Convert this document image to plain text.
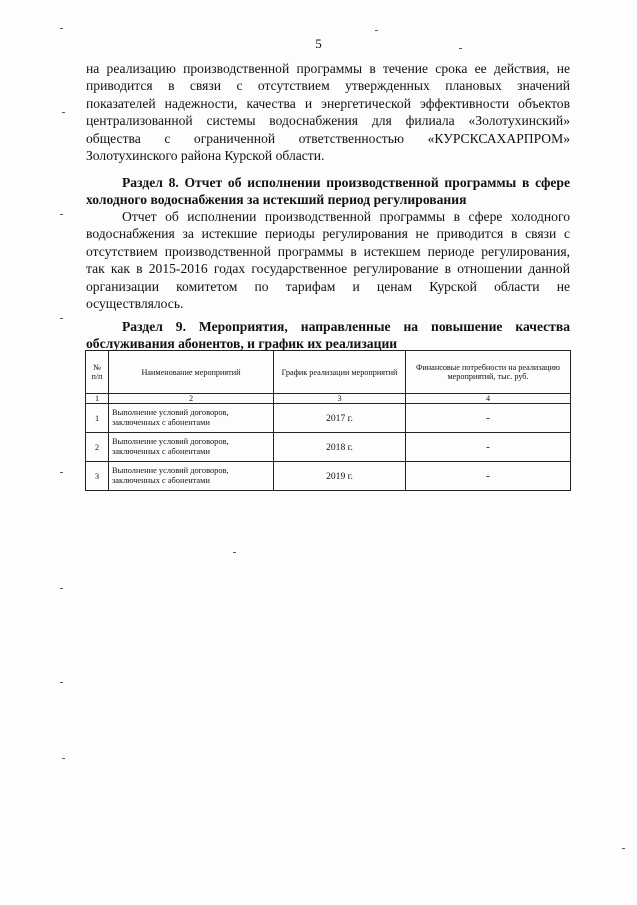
5
на реализацию производственной программы в течение срока ее действия, не
приводится в связи с отсутствием утвержденных плановых значений
показателей надежности, качества и энергетической эффективности объектов
централизованной системы водоснабжения для филиала «Золотухинский»
общества с ограниченной ответственностью «КУРСКСАХАРПРОМ»
Золотухинского района Курской области.
Раздел 8. Отчет об исполнении производственной программы в сфере
холодного водоснабжения за истекший период регулирования
Отчет об исполнении производственной программы в сфере холодного
водоснабжения за истекшие периоды регулирования не приводится в связи с
отсутствием производственной программы в истекшем периоде регулирования,
так как в 2015-2016 годах государственное регулирование в отношении данной
организации комитетом по тарифам и ценам Курской области не
осуществлялось.
Раздел 9. Мероприятия, направленные на повышение качества
обслуживания абонентов, и график их реализации
№ п/п	Наименование мероприятий	График реализации мероприятий	Финансовые потребности на реализацию мероприятий, тыс. руб.
1	2	3	4
1	Выполнение условий договоров, заключенных с абонентами	2017 г.	-
2	Выполнение условий договоров, заключенных с абонентами	2018 г.	-
3	Выполнение условий договоров, заключенных с абонентами	2019 г.	-
